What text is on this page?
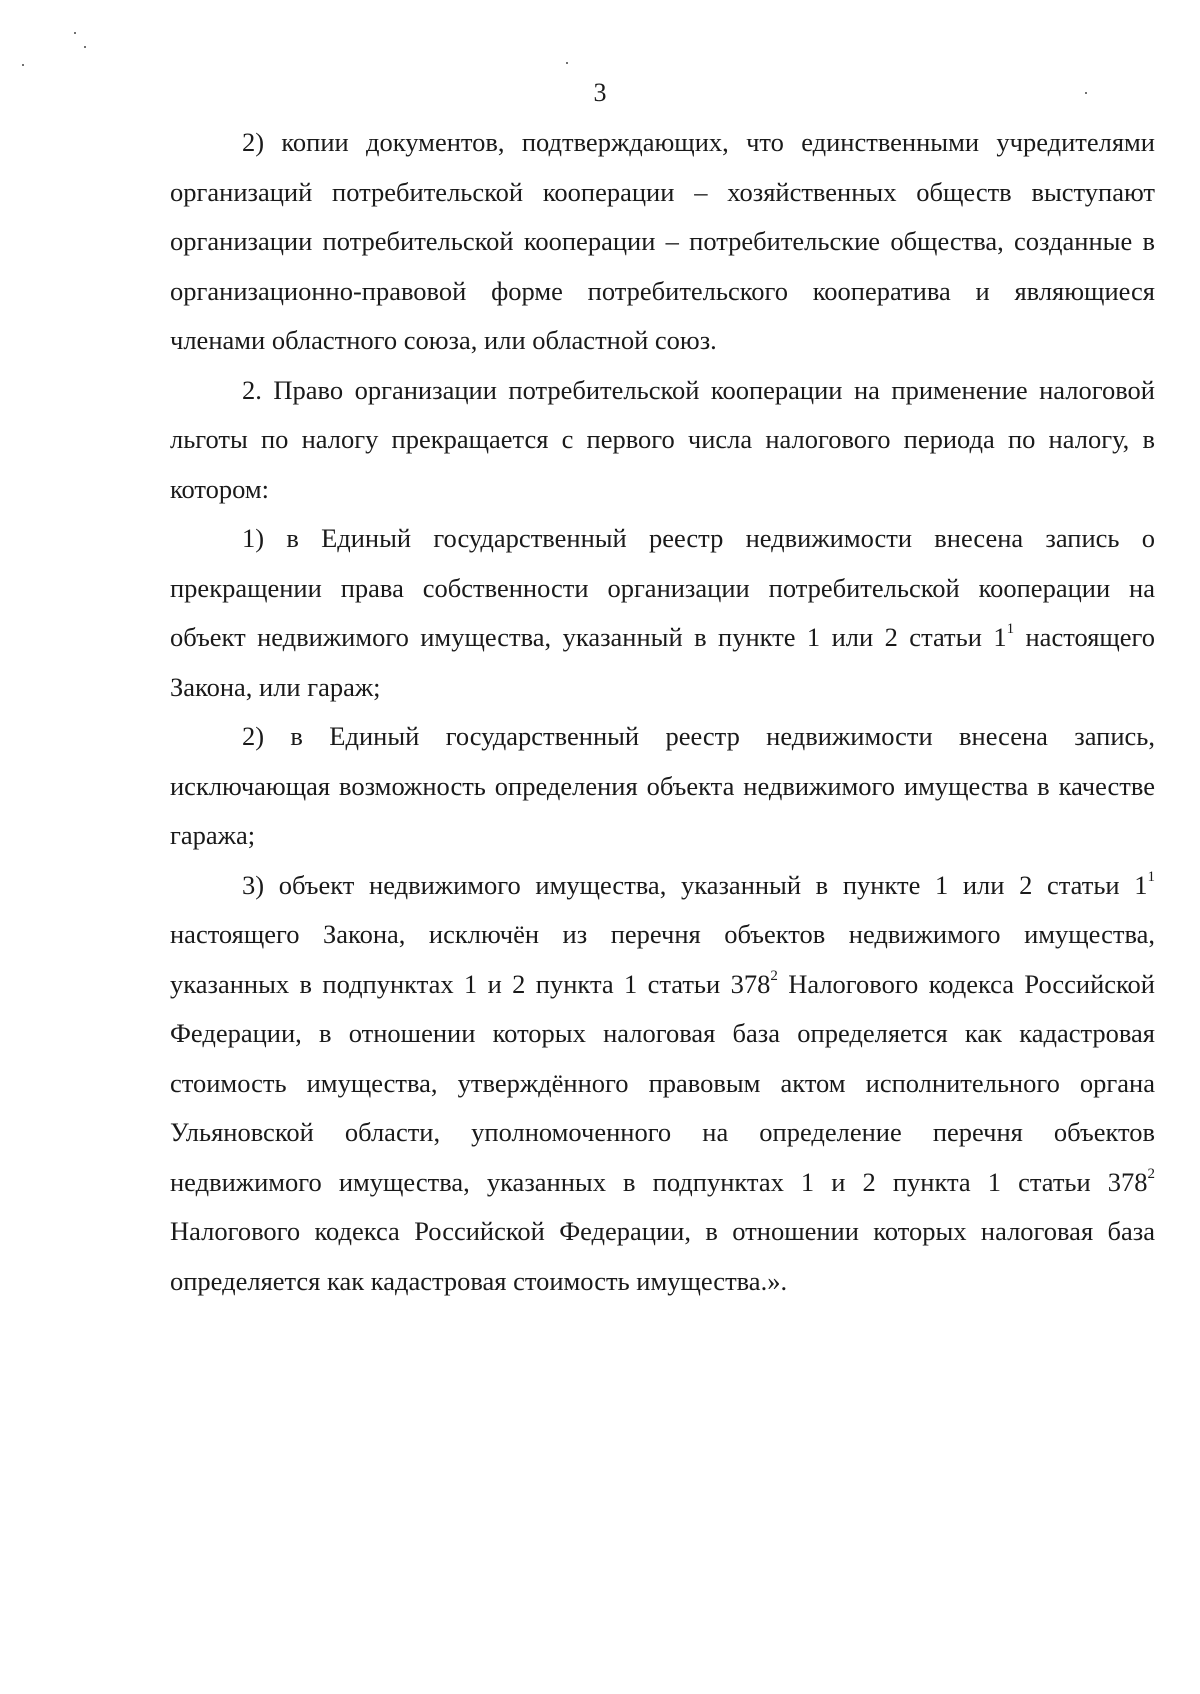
3

2) копии документов, подтверждающих, что единственными учредителями организаций потребительской кооперации – хозяйственных обществ выступают организации потребительской кооперации – потребительские общества, созданные в организационно-правовой форме потребительского кооператива и являющиеся членами областного союза, или областной союз.

2. Право организации потребительской кооперации на применение налоговой льготы по налогу прекращается с первого числа налогового периода по налогу, в котором:

1) в Единый государственный реестр недвижимости внесена запись о прекращении права собственности организации потребительской кооперации на объект недвижимого имущества, указанный в пункте 1 или 2 статьи $1^1$ настоящего Закона, или гараж;

2) в Единый государственный реестр недвижимости внесена запись, исключающая возможность определения объекта недвижимого имущества в качестве гаража;

3) объект недвижимого имущества, указанный в пункте 1 или 2 статьи $1^1$ настоящего Закона, исключён из перечня объектов недвижимого имущества, указанных в подпунктах 1 и 2 пункта 1 статьи $378^2$ Налогового кодекса Российской Федерации, в отношении которых налоговая база определяется как кадастровая стоимость имущества, утверждённого правовым актом исполнительного органа Ульяновской области, уполномоченного на определение перечня объектов недвижимого имущества, указанных в подпунктах 1 и 2 пункта 1 статьи $378^2$ Налогового кодекса Российской Федерации, в отношении которых налоговая база определяется как кадастровая стоимость имущества.».
